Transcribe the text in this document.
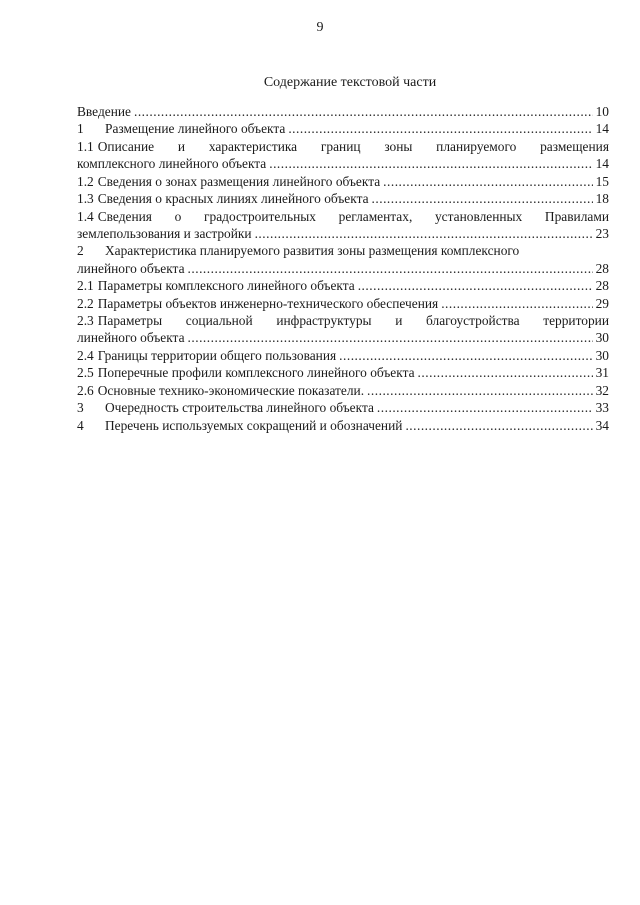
9
Содержание текстовой части
Введение .....	10
1	Размещение линейного объекта .....	14
1.1 Описание и характеристика границ зоны планируемого размещения
комплексного линейного объекта .....	14
1.2 Сведения о зонах размещения линейного объекта .....	15
1.3 Сведения о красных линиях линейного объекта .....	18
1.4 Сведения о градостроительных регламентах, установленных Правилами
землепользования и застройки .....	23
2	Характеристика планируемого развития зоны размещения комплексного
линейного объекта .....	28
2.1 Параметры комплексного линейного объекта .....	28
2.2 Параметры объектов инженерно-технического обеспечения .....	29
2.3 Параметры социальной инфраструктуры и благоустройства территории
линейного объекта .....	30
2.4 Границы территории общего пользования .....	30
2.5 Поперечные профили комплексного линейного объекта .....	31
2.6 Основные технико-экономические показатели. .....	32
3	Очередность строительства линейного объекта .....	33
4	Перечень используемых сокращений и обозначений .....	34
